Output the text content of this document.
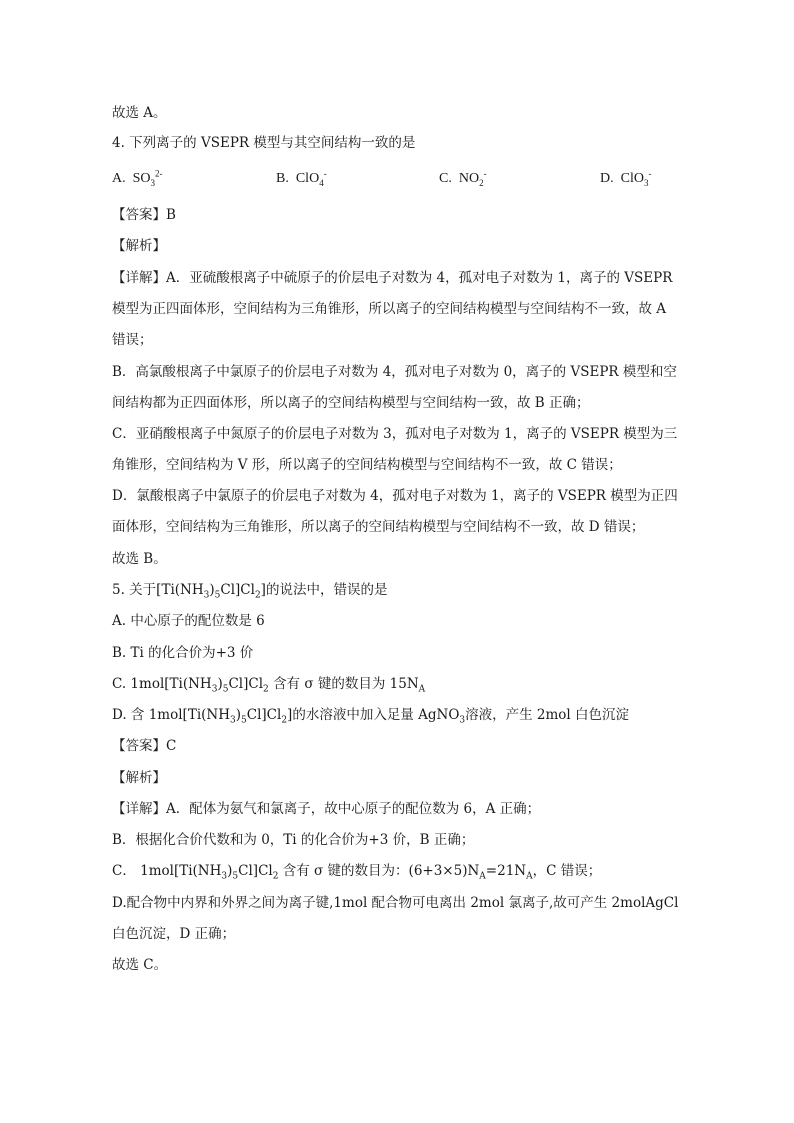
故选 A。
4. 下列离子的 VSEPR 模型与其空间结构一致的是
A. $SO_3^{2-}$	B. ClO$_4$-	C. $NO_2^-$	D. ClO$_3$-
【答案】B
【解析】
【详解】A．亚硫酸根离子中硫原子的价层电子对数为 4，孤对电子对数为 1，离子的 VSEPR
模型为正四面体形，空间结构为三角锥形，所以离子的空间结构模型与空间结构不一致，故 A
错误；
B．高氯酸根离子中氯原子的价层电子对数为 4，孤对电子对数为 0，离子的 VSEPR 模型和空
间结构都为正四面体形，所以离子的空间结构模型与空间结构一致，故 B 正确；
C．亚硝酸根离子中氮原子的价层电子对数为 3，孤对电子对数为 1，离子的 VSEPR 模型为三
角锥形，空间结构为 V 形，所以离子的空间结构模型与空间结构不一致，故 C 错误；
D．氯酸根离子中氯原子的价层电子对数为 4，孤对电子对数为 1，离子的 VSEPR 模型为正四
面体形，空间结构为三角锥形，所以离子的空间结构模型与空间结构不一致，故 D 错误；
故选 B。
5. 关于$[Ti(NH_3)_5Cl]Cl_2$]的说法中，错误的是
A. 中心原子的配位数是 6
B. Ti 的化合价为+3 价
C. $1mol[Ti(NH_3)_5Cl]Cl_2$ 含有 σ 键的数目为 $15N_A$
D. 含 $1mol[Ti(NH_3)_5Cl]Cl_2$]的水溶液中加入足量 AgNO$_3$溶液，产生 2mol 白色沉淀
【答案】C
【解析】
【详解】A．配体为氨气和氯离子，故中心原子的配位数为 6，A 正确；
B．根据化合价代数和为 0，Ti 的化合价为+3 价，B 正确；
C． $1mol[Ti(NH_3)_5Cl]Cl_2$ 含有 σ 键的数目为：$(6+3\times 5)N_A=21N_A$，C 错误；
D.配合物中内界和外界之间为离子键,1mol 配合物可电离出 2mol 氯离子,故可产生 2molAgCl
白色沉淀，D 正确；
故选 C。
